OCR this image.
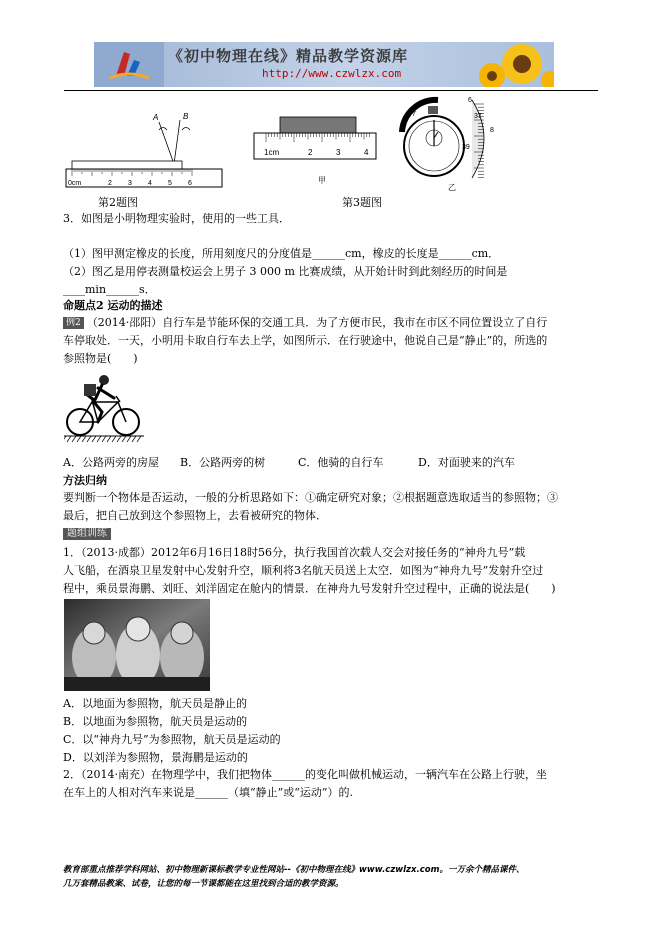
《初中物理在线》精品教学资源库
http://www.czwlzx.com
A	B
0cm	2 3 4 5 6
1cm	2	3	4
甲
6
37
8
7
39
乙
第2题图	第3题图
3．如图是小明物理实验时，使用的一些工具．
（1）图甲测定橡皮的长度，所用刻度尺的分度值是______cm，橡皮的长度是______cm．
（2）图乙是用停表测量校运会上男子 3 000 m 比赛成绩，从开始计时到此刻经历的时间是
____min______s．
命题点2 运动的描述
例2 （2014·邵阳）自行车是节能环保的交通工具．为了方便市民，我市在市区不同位置设立了自行
车停取处．一天，小明用卡取自行车去上学，如图所示．在行驶途中，他说自己是“静止”的，所选的
参照物是(　　)
A．公路两旁的房屋 B．公路两旁的树	C．他骑的自行车	D．对面驶来的汽车
方法归纳
要判断一个物体是否运动，一般的分析思路如下：①确定研究对象；②根据题意选取适当的参照物；③
最后，把自己放到这个参照物上，去看被研究的物体．
题组训练
1．（2013·成都）2012年6月16日18时56分，执行我国首次载人交会对接任务的“神舟九号”载
人飞船，在酒泉卫星发射中心发射升空，顺利将3名航天员送上太空．如图为“神舟九号”发射升空过
程中，乘员景海鹏、刘旺、刘洋固定在舱内的情景．在神舟九号发射升空过程中，正确的说法是(　　)
A．以地面为参照物，航天员是静止的
B．以地面为参照物，航天员是运动的
C．以“神舟九号”为参照物，航天员是运动的
D．以刘洋为参照物，景海鹏是运动的
2．（2014·南充）在物理学中，我们把物体______的变化叫做机械运动，一辆汽车在公路上行驶，坐
在车上的人相对汽车来说是______（填“静止”或“运动”）的.
教育部重点推荐学科网站、初中物理新课标教学专业性网站--《初中物理在线》www.czwlzx.com。一万余个精品课件、
几万套精品教案、试卷，让您的每一节课都能在这里找到合适的教学资源。
